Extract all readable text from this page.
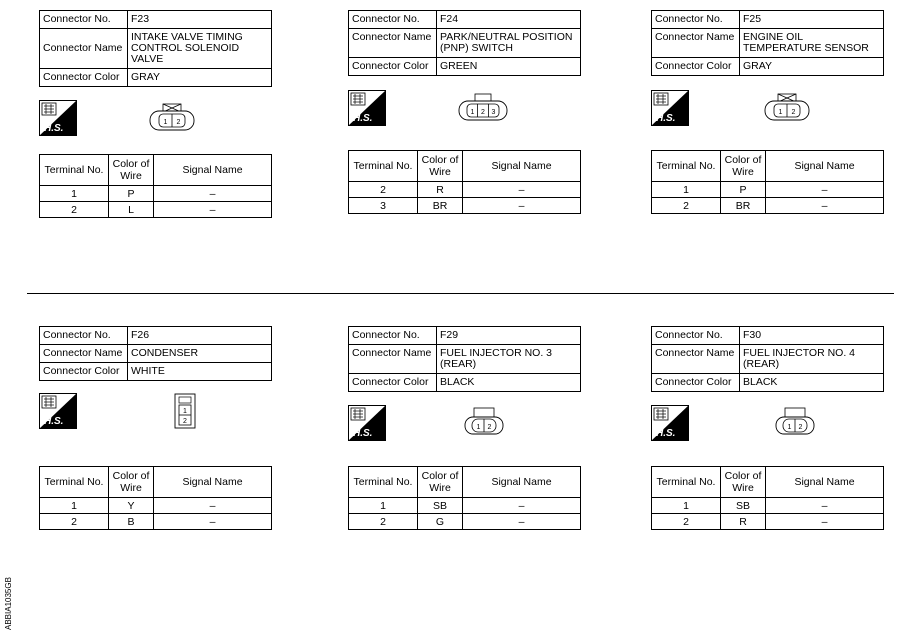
Connector No.	F23
Connector Name	INTAKE VALVE TIMING CONTROL SOLENOID VALVE
Connector Color	GRAY
H.S.
1 2
Terminal No.	Color of Wire	Signal Name
1	P	–
2	L	–
Connector No.	F24
Connector Name	PARK/NEUTRAL POSITION (PNP) SWITCH
Connector Color	GREEN
H.S.
1 2 3
Terminal No.	Color of Wire	Signal Name
2	R	–
3	BR	–
Connector No.	F25
Connector Name	ENGINE OIL TEMPERATURE SENSOR
Connector Color	GRAY
H.S.
1 2
Terminal No.	Color of Wire	Signal Name
1	P	–
2	BR	–
Connector No.	F26
Connector Name	CONDENSER
Connector Color	WHITE
H.S.
1
2
Terminal No.	Color of Wire	Signal Name
1	Y	–
2	B	–
Connector No.	F29
Connector Name	FUEL INJECTOR NO. 3 (REAR)
Connector Color	BLACK
H.S.
1 2
Terminal No.	Color of Wire	Signal Name
1	SB	–
2	G	–
Connector No.	F30
Connector Name	FUEL INJECTOR NO. 4 (REAR)
Connector Color	BLACK
H.S.
1 2
Terminal No.	Color of Wire	Signal Name
1	SB	–
2	R	–
ABBIA1035GB
